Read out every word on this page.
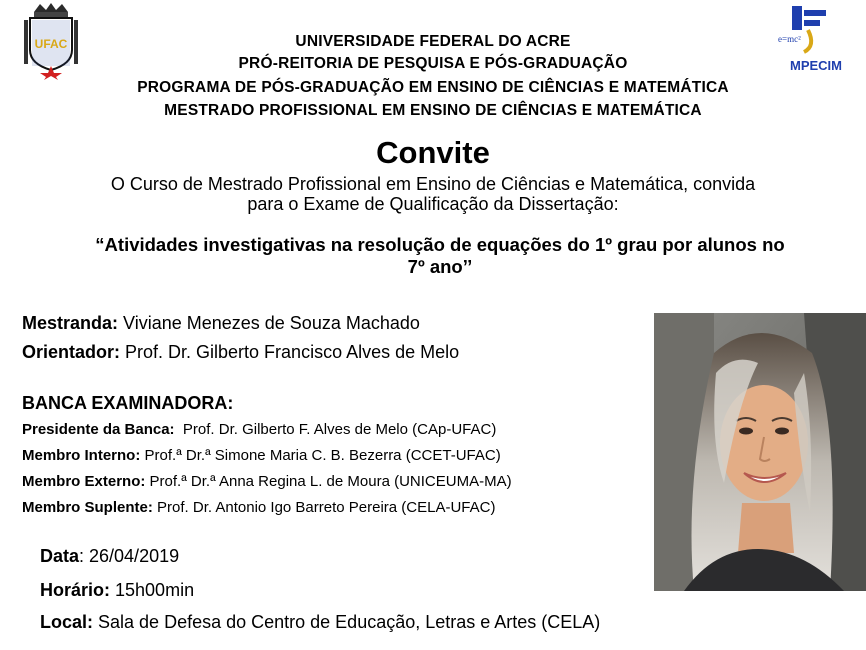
UFAC	e=mc²
MPECIM
UNIVERSIDADE FEDERAL DO ACRE
PRÓ-REITORIA DE PESQUISA E PÓS-GRADUAÇÃO
PROGRAMA DE PÓS-GRADUAÇÃO EM ENSINO DE CIÊNCIAS E MATEMÁTICA
MESTRADO PROFISSIONAL EM ENSINO DE CIÊNCIAS E MATEMÁTICA
Convite
O Curso de Mestrado Profissional em Ensino de Ciências e Matemática, convida
para o Exame de Qualificação da Dissertação:
“Atividades investigativas na resolução de equações do 1º grau por alunos no
7º ano’’
Mestranda: Viviane Menezes de Souza Machado
Orientador: Prof. Dr. Gilberto Francisco Alves de Melo
BANCA EXAMINADORA:
Presidente da Banca:  Prof. Dr. Gilberto F. Alves de Melo (CAp-UFAC)
Membro Interno: Prof.ª Dr.ª Simone Maria C. B. Bezerra (CCET-UFAC)
Membro Externo: Prof.ª Dr.ª Anna Regina L. de Moura (UNICEUMA-MA)
Membro Suplente: Prof. Dr. Antonio Igo Barreto Pereira (CELA-UFAC)
Data: 26/04/2019
Horário: 15h00min
Local: Sala de Defesa do Centro de Educação, Letras e Artes (CELA)
